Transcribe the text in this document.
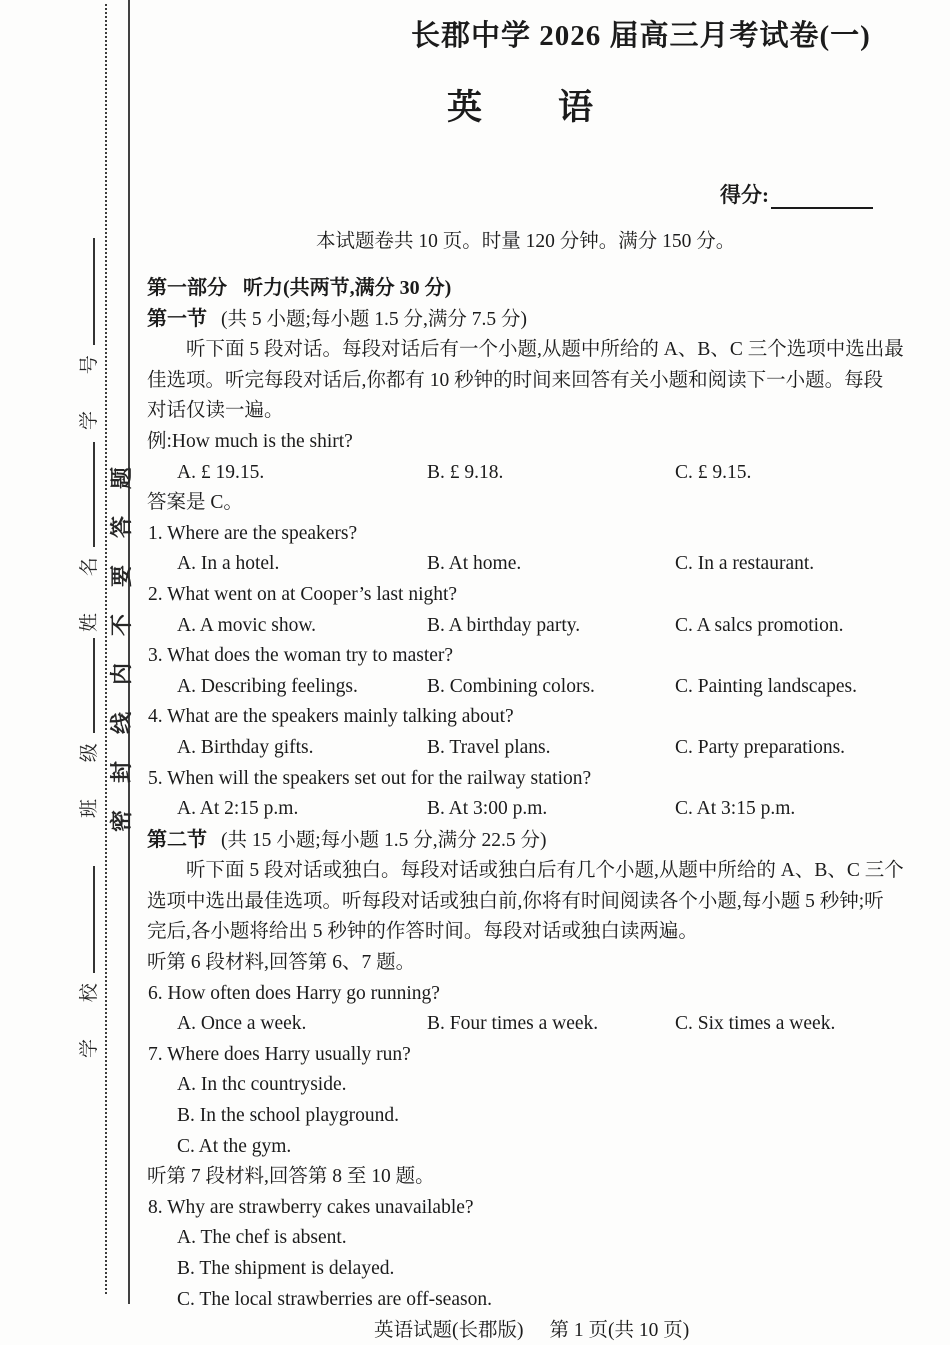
密封线内不要答题
学 号
姓 名
班 级
学 校
长郡中学 2026 届高三月考试卷(一)
英 语
得分:
本试题卷共 10 页。时量 120 分钟。满分 150 分。
第一部分 听力(共两节,满分 30 分)
第一节 (共 5 小题;每小题 1.5 分,满分 7.5 分)
听下面 5 段对话。每段对话后有一个小题,从题中所给的 A、B、C 三个选项中选出最
佳选项。听完每段对话后,你都有 10 秒钟的时间来回答有关小题和阅读下一小题。每段
对话仅读一遍。
例:How much is the shirt?
A. £ 19.15.	B. £ 9.18.	C. £ 9.15.
答案是 C。
1. Where are the speakers?
A. In a hotel.	B. At home.	C. In a restaurant.
2. What went on at Cooper’s last night?
A. A movic show.	B. A birthday party.	C. A salcs promotion.
3. What does the woman try to master?
A. Describing feelings.	B. Combining colors.	C. Painting landscapes.
4. What are the speakers mainly talking about?
A. Birthday gifts.	B. Travel plans.	C. Party preparations.
5. When will the speakers set out for the railway station?
A. At 2:15 p.m.	B. At 3:00 p.m.	C. At 3:15 p.m.
第二节 (共 15 小题;每小题 1.5 分,满分 22.5 分)
听下面 5 段对话或独白。每段对话或独白后有几个小题,从题中所给的 A、B、C 三个
选项中选出最佳选项。听每段对话或独白前,你将有时间阅读各个小题,每小题 5 秒钟;听
完后,各小题将给出 5 秒钟的作答时间。每段对话或独白读两遍。
听第 6 段材料,回答第 6、7 题。
6. How often does Harry go running?
A. Once a week.	B. Four times a week.	C. Six times a week.
7. Where does Harry usually run?
A. In thc countryside.
B. In the school playground.
C. At the gym.
听第 7 段材料,回答第 8 至 10 题。
8. Why are strawberry cakes unavailable?
A. The chef is absent.
B. The shipment is delayed.
C. The local strawberries are off-season.
英语试题(长郡版) 第 1 页(共 10 页)
